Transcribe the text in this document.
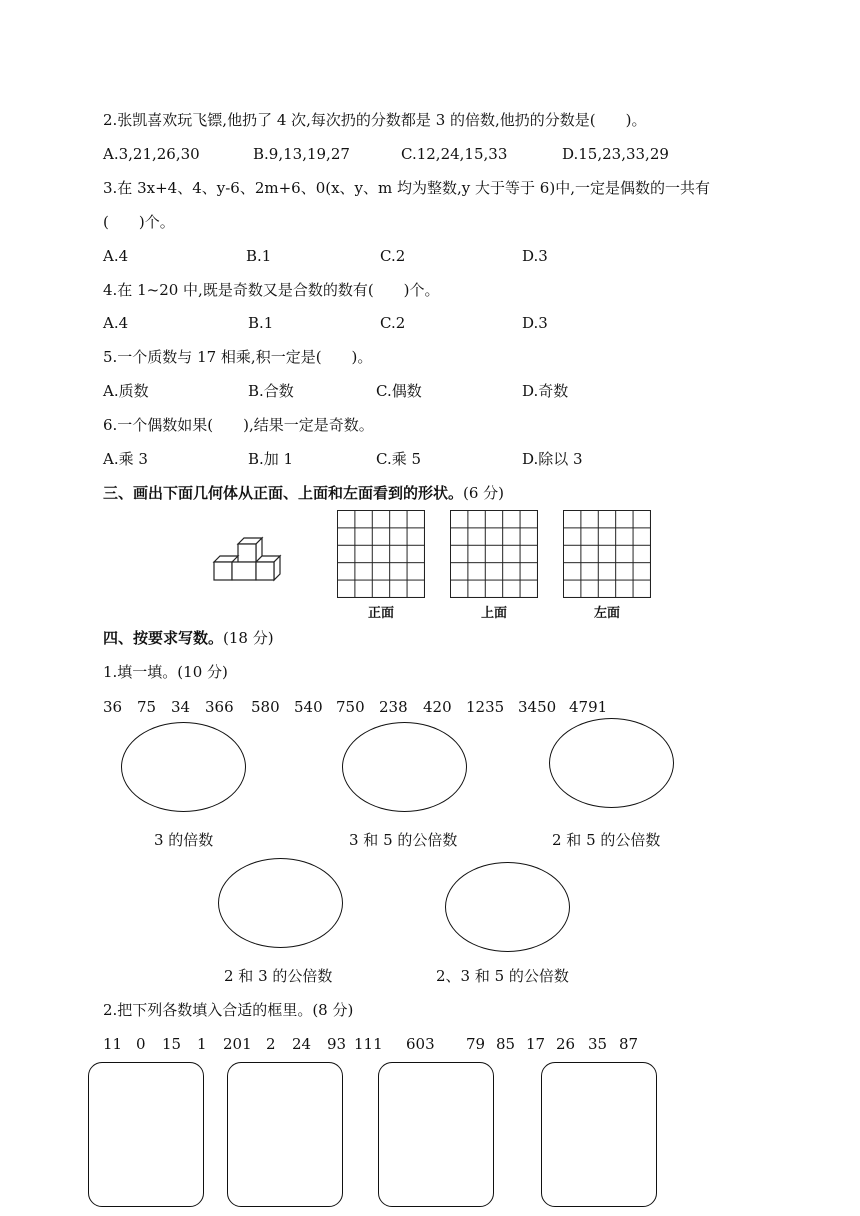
2.张凯喜欢玩飞镖,他扔了 4 次,每次扔的分数都是 3 的倍数,他扔的分数是(　　)。
A.3,21,26,30	B.9,13,19,27	C.12,24,15,33	D.15,23,33,29
3.在 3x+4、4、y-6、2m+6、0(x、y、m 均为整数,y 大于等于 6)中,一定是偶数的一共有
(　　)个。
A.4	B.1	C.2	D.3
4.在 1~20 中,既是奇数又是合数的数有(　　)个。
A.4	B.1	C.2	D.3
5.一个质数与 17 相乘,积一定是(　　)。
A.质数	B.合数	C.偶数	D.奇数
6.一个偶数如果(　　),结果一定是奇数。
A.乘 3	B.加 1	C.乘 5	D.除以 3
三、画出下面几何体从正面、上面和左面看到的形状。(6 分)
正面	上面	左面
四、按要求写数。(18 分)
1.填一填。(10 分)
36 75 34 366 580 540 750 238 420 1235 3450 4791
3 的倍数	3 和 5 的公倍数	2 和 5 的公倍数
2 和 3 的公倍数	2、3 和 5 的公倍数
2.把下列各数填入合适的框里。(8 分)
11 0 15 1 201 2 24 93 111 603 79 85 17 26 35 87
